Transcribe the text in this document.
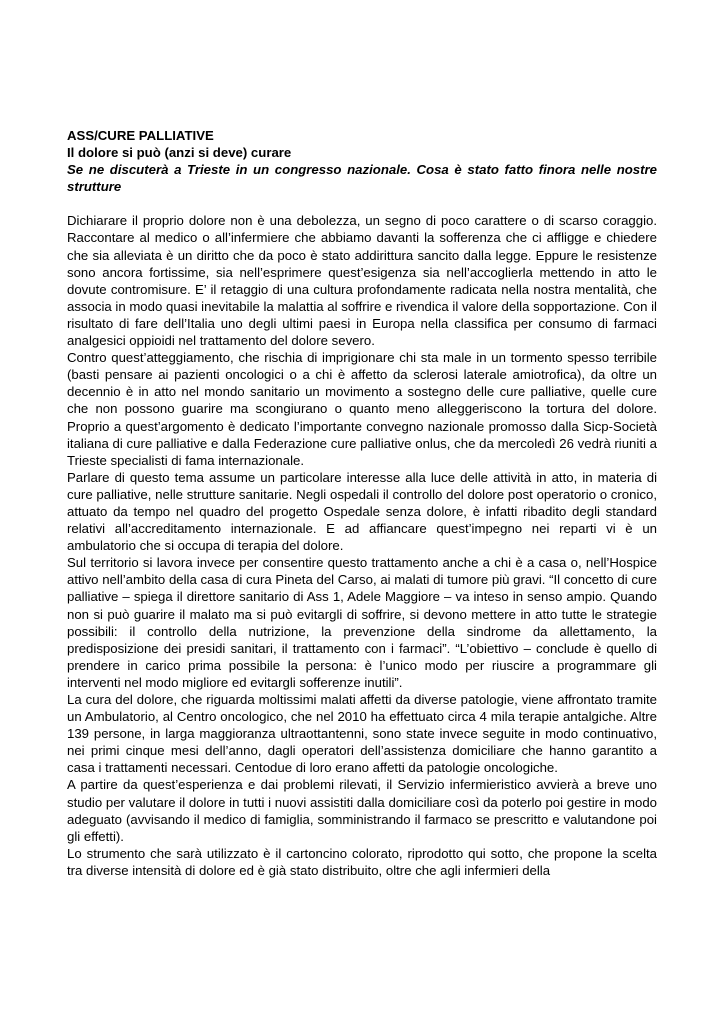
ASS/CURE PALLIATIVE

Il dolore si può (anzi si deve) curare

Se ne discuterà a Trieste in un congresso nazionale. Cosa è stato fatto finora nelle nostre strutture

Dichiarare il proprio dolore non è una debolezza, un segno di poco carattere o di scarso coraggio. Raccontare al medico o all’infermiere che abbiamo davanti la sofferenza che ci affligge e chiedere che sia alleviata è un diritto che da poco è stato addirittura sancito dalla legge. Eppure le resistenze sono ancora fortissime, sia nell’esprimere quest’esigenza sia nell’accoglierla mettendo in atto le dovute contromisure. E’ il retaggio di una cultura profondamente radicata nella nostra mentalità, che associa in modo quasi inevitabile la malattia al soffrire e rivendica il valore della sopportazione. Con il risultato di fare dell’Italia uno degli ultimi paesi in Europa nella classifica per consumo di farmaci analgesici oppioidi nel trattamento del dolore severo.

Contro quest’atteggiamento, che rischia di imprigionare chi sta male in un tormento spesso terribile (basti pensare ai pazienti oncologici o a chi è affetto da sclerosi laterale amiotrofica), da oltre un decennio è in atto nel mondo sanitario un movimento a sostegno delle cure palliative, quelle cure che non possono guarire ma scongiurano o quanto meno alleggeriscono la tortura del dolore. Proprio a quest’argomento è dedicato l’importante convegno nazionale promosso dalla Sicp-Società italiana di cure palliative e dalla Federazione cure palliative onlus, che da mercoledì 26 vedrà riuniti a Trieste specialisti di fama internazionale.

Parlare di questo tema assume un particolare interesse alla luce delle attività in atto, in materia di cure palliative, nelle strutture sanitarie. Negli ospedali il controllo del dolore post operatorio o cronico, attuato da tempo nel quadro del progetto Ospedale senza dolore, è infatti ribadito degli standard relativi all’accreditamento internazionale. E ad affiancare quest’impegno nei reparti vi è un ambulatorio che si occupa di terapia del dolore.

Sul territorio si lavora invece per consentire questo trattamento anche a chi è a casa o, nell’Hospice attivo nell’ambito della casa di cura Pineta del Carso, ai malati di tumore più gravi. “Il concetto di cure palliative – spiega il direttore sanitario di Ass 1, Adele Maggiore – va inteso in senso ampio. Quando non si può guarire il malato ma si può evitargli di soffrire, si devono mettere in atto tutte le strategie possibili: il controllo della nutrizione, la prevenzione della sindrome da allettamento, la predisposizione dei presidi sanitari, il trattamento con i farmaci”. “L’obiettivo – conclude è quello di prendere in carico prima possibile la persona: è l’unico modo per riuscire a programmare gli interventi nel modo migliore ed evitargli sofferenze inutili”.

La cura del dolore, che riguarda moltissimi malati affetti da diverse patologie, viene affrontato tramite un Ambulatorio, al Centro oncologico, che nel 2010 ha effettuato circa 4 mila terapie antalgiche. Altre 139 persone, in larga maggioranza ultraottantenni, sono state invece seguite in modo continuativo, nei primi cinque mesi dell’anno, dagli operatori dell’assistenza domiciliare che hanno garantito a casa i trattamenti necessari. Centodue di loro erano affetti da patologie oncologiche.

A partire da quest’esperienza e dai problemi rilevati, il Servizio infermieristico avvierà a breve uno studio per valutare il dolore in tutti i nuovi assistiti dalla domiciliare così da poterlo poi gestire in modo adeguato (avvisando il medico di famiglia, somministrando il farmaco se prescritto e valutandone poi gli effetti).

Lo strumento che sarà utilizzato è il cartoncino colorato, riprodotto qui sotto, che propone la scelta tra diverse intensità di dolore ed è già stato distribuito, oltre che agli infermieri della
